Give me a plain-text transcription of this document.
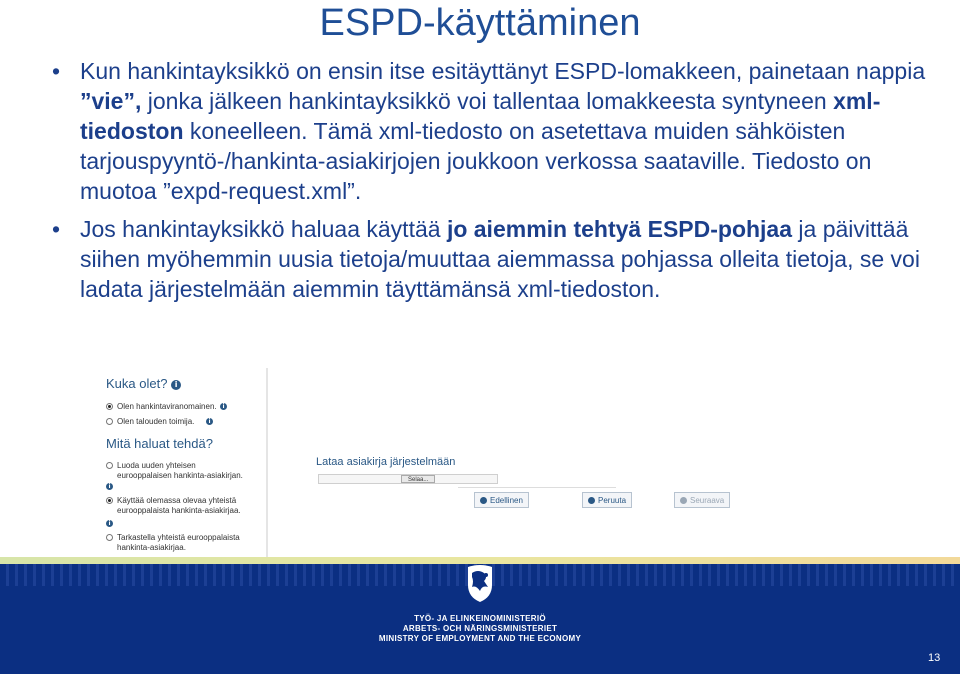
ESPD-käyttäminen
• Kun hankintayksikkö on ensin itse esitäyttänyt ESPD-lomakkeen, painetaan nappia ”vie”, jonka jälkeen hankintayksikkö voi tallentaa lomakkeesta syntyneen xml-tiedoston koneelleen. Tämä xml-tiedosto on asetettava muiden sähköisten tarjouspyyntö-/hankinta-asiakirjojen joukkoon verkossa saataville. Tiedosto on muotoa ”expd-request.xml”.
• Jos hankintayksikkö haluaa käyttää jo aiemmin tehtyä ESPD-pohjaa ja päivittää siihen myöhemmin uusia tietoja/muuttaa aiemmassa pohjassa olleita tietoja, se voi ladata järjestelmään aiemmin täyttämänsä xml-tiedoston.
Kuka olet? i
Olen hankintaviranomainen. i
Olen talouden toimija.	i
Mitä haluat tehdä?
Luoda uuden yhteisen eurooppalaisen hankinta-asiakirjan.
i
Käyttää olemassa olevaa yhteistä eurooppalaista hankinta-asiakirjaa.
i
Tarkastella yhteistä eurooppalaista hankinta-asiakirjaa.
Lataa asiakirja järjestelmään
Selaa...
Edellinen	Peruuta	Seuraava
TYÖ- JA ELINKEINOMINISTERIÖ
ARBETS- OCH NÄRINGSMINISTERIET
MINISTRY OF EMPLOYMENT AND THE ECONOMY
13
